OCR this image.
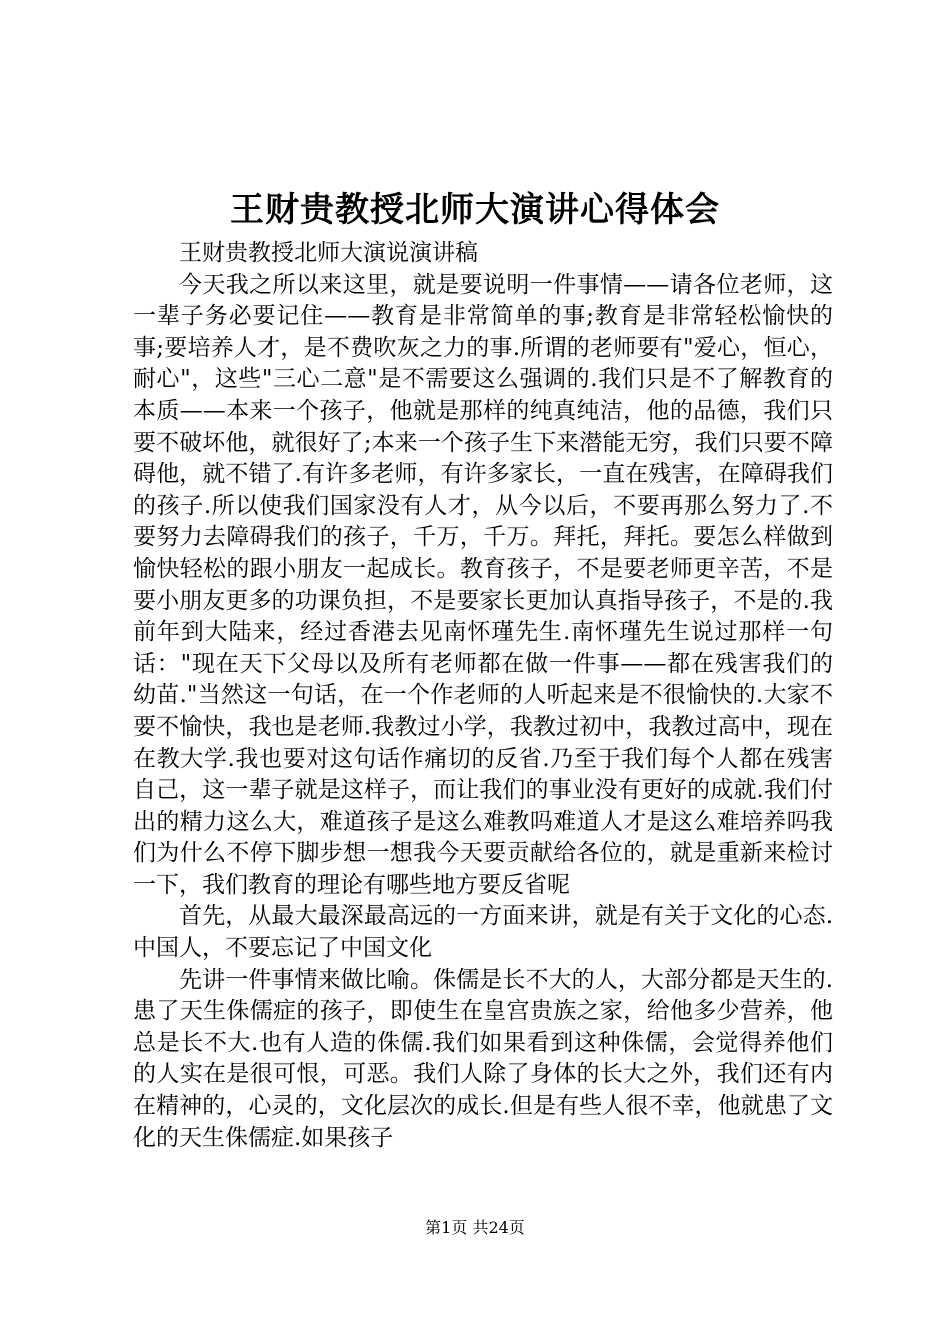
王财贵教授北师大演讲心得体会

王财贵教授北师大演说演讲稿

今天我之所以来这里，就是要说明一件事情——请各位老师，这一辈子务必要记住——教育是非常简单的事;教育是非常轻松愉快的事;要培养人才，是不费吹灰之力的事.所谓的老师要有"爱心，恒心，耐心"，这些"三心二意"是不需要这么强调的.我们只是不了解教育的本质——本来一个孩子，他就是那样的纯真纯洁，他的品德，我们只要不破坏他，就很好了;本来一个孩子生下来潜能无穷，我们只要不障碍他，就不错了.有许多老师，有许多家长，一直在残害，在障碍我们的孩子.所以使我们国家没有人才，从今以后，不要再那么努力了.不要努力去障碍我们的孩子，千万，千万。拜托，拜托。要怎么样做到愉快轻松的跟小朋友一起成长。教育孩子，不是要老师更辛苦，不是要小朋友更多的功课负担，不是要家长更加认真指导孩子，不是的.我前年到大陆来，经过香港去见南怀瑾先生.南怀瑾先生说过那样一句话："现在天下父母以及所有老师都在做一件事——都在残害我们的幼苗."当然这一句话，在一个作老师的人听起来是不很愉快的.大家不要不愉快，我也是老师.我教过小学，我教过初中，我教过高中，现在在教大学.我也要对这句话作痛切的反省.乃至于我们每个人都在残害自己，这一辈子就是这样子，而让我们的事业没有更好的成就.我们付出的精力这么大，难道孩子是这么难教吗难道人才是这么难培养吗我们为什么不停下脚步想一想我今天要贡献给各位的，就是重新来检讨一下，我们教育的理论有哪些地方要反省呢

首先，从最大最深最高远的一方面来讲，就是有关于文化的心态.中国人，不要忘记了中国文化

先讲一件事情来做比喻。侏儒是长不大的人，大部分都是天生的.患了天生侏儒症的孩子，即使生在皇宫贵族之家，给他多少营养，他总是长不大.也有人造的侏儒.我们如果看到这种侏儒，会觉得养他们的人实在是很可恨，可恶。我们人除了身体的长大之外，我们还有内在精神的，心灵的，文化层次的成长.但是有些人很不幸，他就患了文化的天生侏儒症.如果孩子

第1页 共24页
